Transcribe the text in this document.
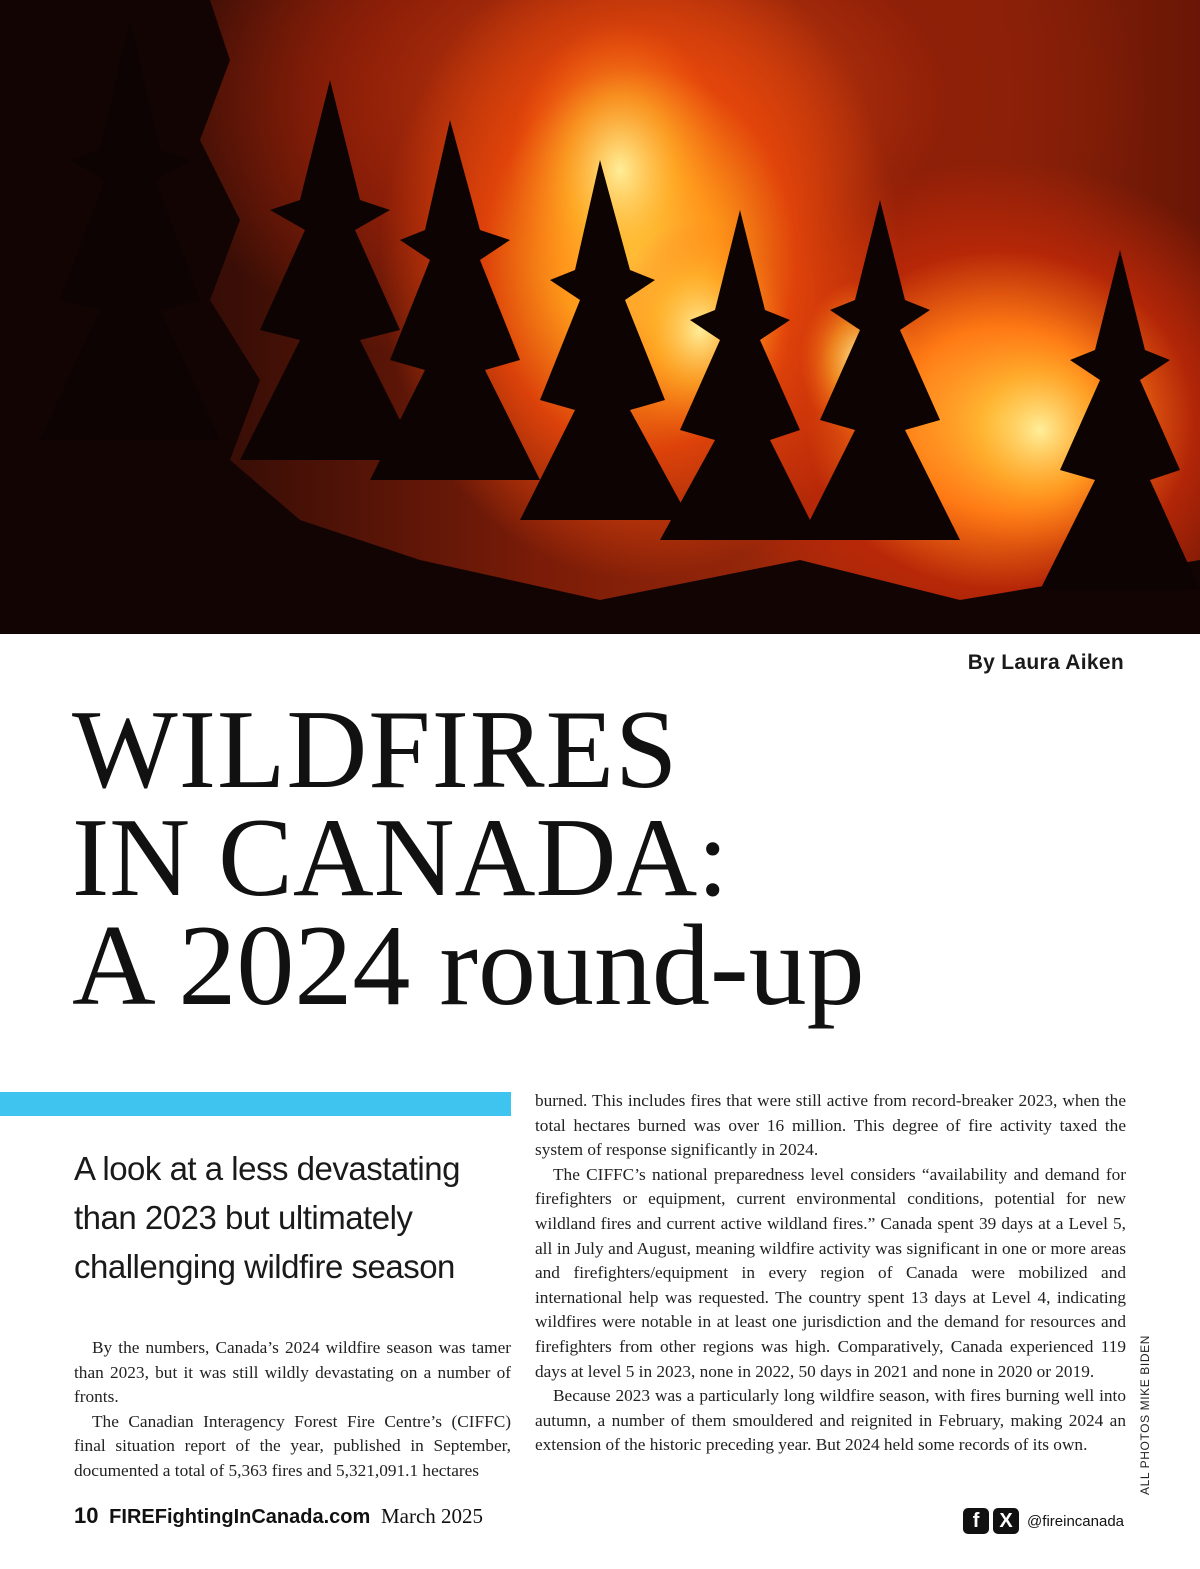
By Laura Aiken
WILDFIRES
IN CANADA:
A 2024 round-up
A look at a less devastating than 2023 but ultimately challenging wildfire season

By the numbers, Canada’s 2024 wildfire season was tamer than 2023, but it was still wildly devastating on a number of fronts.

The Canadian Interagency Forest Fire Centre’s (CIFFC) final situation report of the year, published in September, documented a total of 5,363 fires and 5,321,091.1 hectares

burned. This includes fires that were still active from record-breaker 2023, when the total hectares burned was over 16 million. This degree of fire activity taxed the system of response significantly in 2024.

The CIFFC’s national preparedness level considers “availability and demand for firefighters or equipment, current environmental conditions, potential for new wildland fires and current active wildland fires.” Canada spent 39 days at a Level 5, all in July and August, meaning wildfire activity was significant in one or more areas and firefighters/equipment in every region of Canada were mobilized and international help was requested. The country spent 13 days at Level 4, indicating wildfires were notable in at least one jurisdiction and the demand for resources and firefighters from other regions was high. Comparatively, Canada experienced 119 days at level 5 in 2023, none in 2022, 50 days in 2021 and none in 2020 or 2019.

Because 2023 was a particularly long wildfire season, with fires burning well into autumn, a number of them smouldered and reignited in February, making 2024 an extension of the historic preceding year. But 2024 held some records of its own.	ALL PHOTOS MIKE BIDEN
10 FIREFightingInCanada.com March 2025	f	X @fireincanada
